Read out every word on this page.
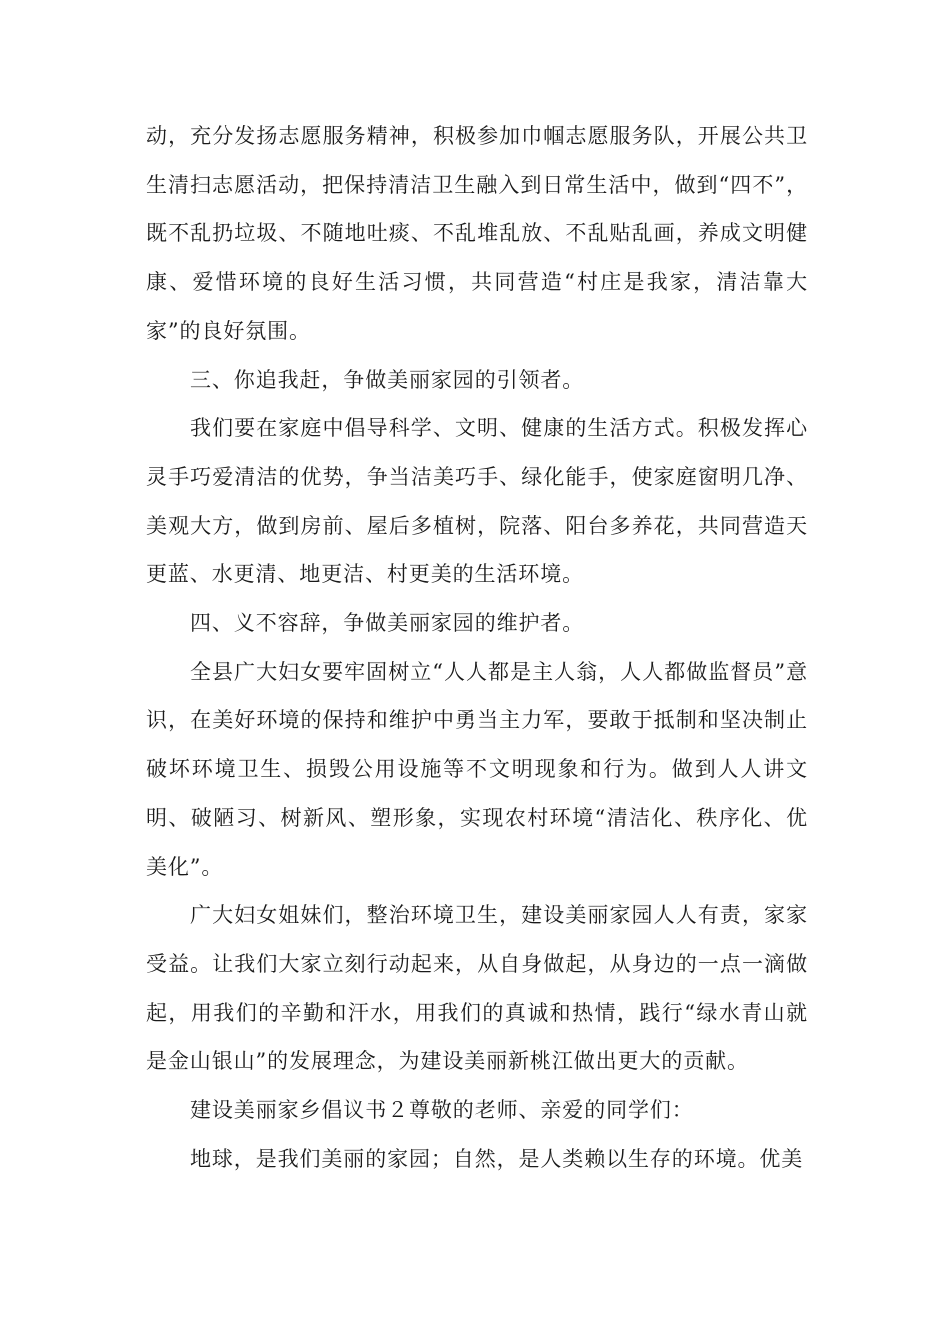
动，充分发扬志愿服务精神，积极参加巾帼志愿服务队，开展公共卫生清扫志愿活动，把保持清洁卫生融入到日常生活中，做到“四不”，既不乱扔垃圾、不随地吐痰、不乱堆乱放、不乱贴乱画，养成文明健康、爱惜环境的良好生活习惯，共同营造“村庄是我家，清洁靠大家”的良好氛围。

三、你追我赶，争做美丽家园的引领者。

我们要在家庭中倡导科学、文明、健康的生活方式。积极发挥心灵手巧爱清洁的优势，争当洁美巧手、绿化能手，使家庭窗明几净、美观大方，做到房前、屋后多植树，院落、阳台多养花，共同营造天更蓝、水更清、地更洁、村更美的生活环境。

四、义不容辞，争做美丽家园的维护者。

全县广大妇女要牢固树立“人人都是主人翁，人人都做监督员”意识，在美好环境的保持和维护中勇当主力军，要敢于抵制和坚决制止破坏环境卫生、损毁公用设施等不文明现象和行为。做到人人讲文明、破陋习、树新风、塑形象，实现农村环境“清洁化、秩序化、优美化”。

广大妇女姐妹们，整治环境卫生，建设美丽家园人人有责，家家受益。让我们大家立刻行动起来，从自身做起，从身边的一点一滴做起，用我们的辛勤和汗水，用我们的真诚和热情，践行“绿水青山就是金山银山”的发展理念，为建设美丽新桃江做出更大的贡献。

建设美丽家乡倡议书２尊敬的老师、亲爱的同学们：

地球，是我们美丽的家园；自然，是人类赖以生存的环境。优美
